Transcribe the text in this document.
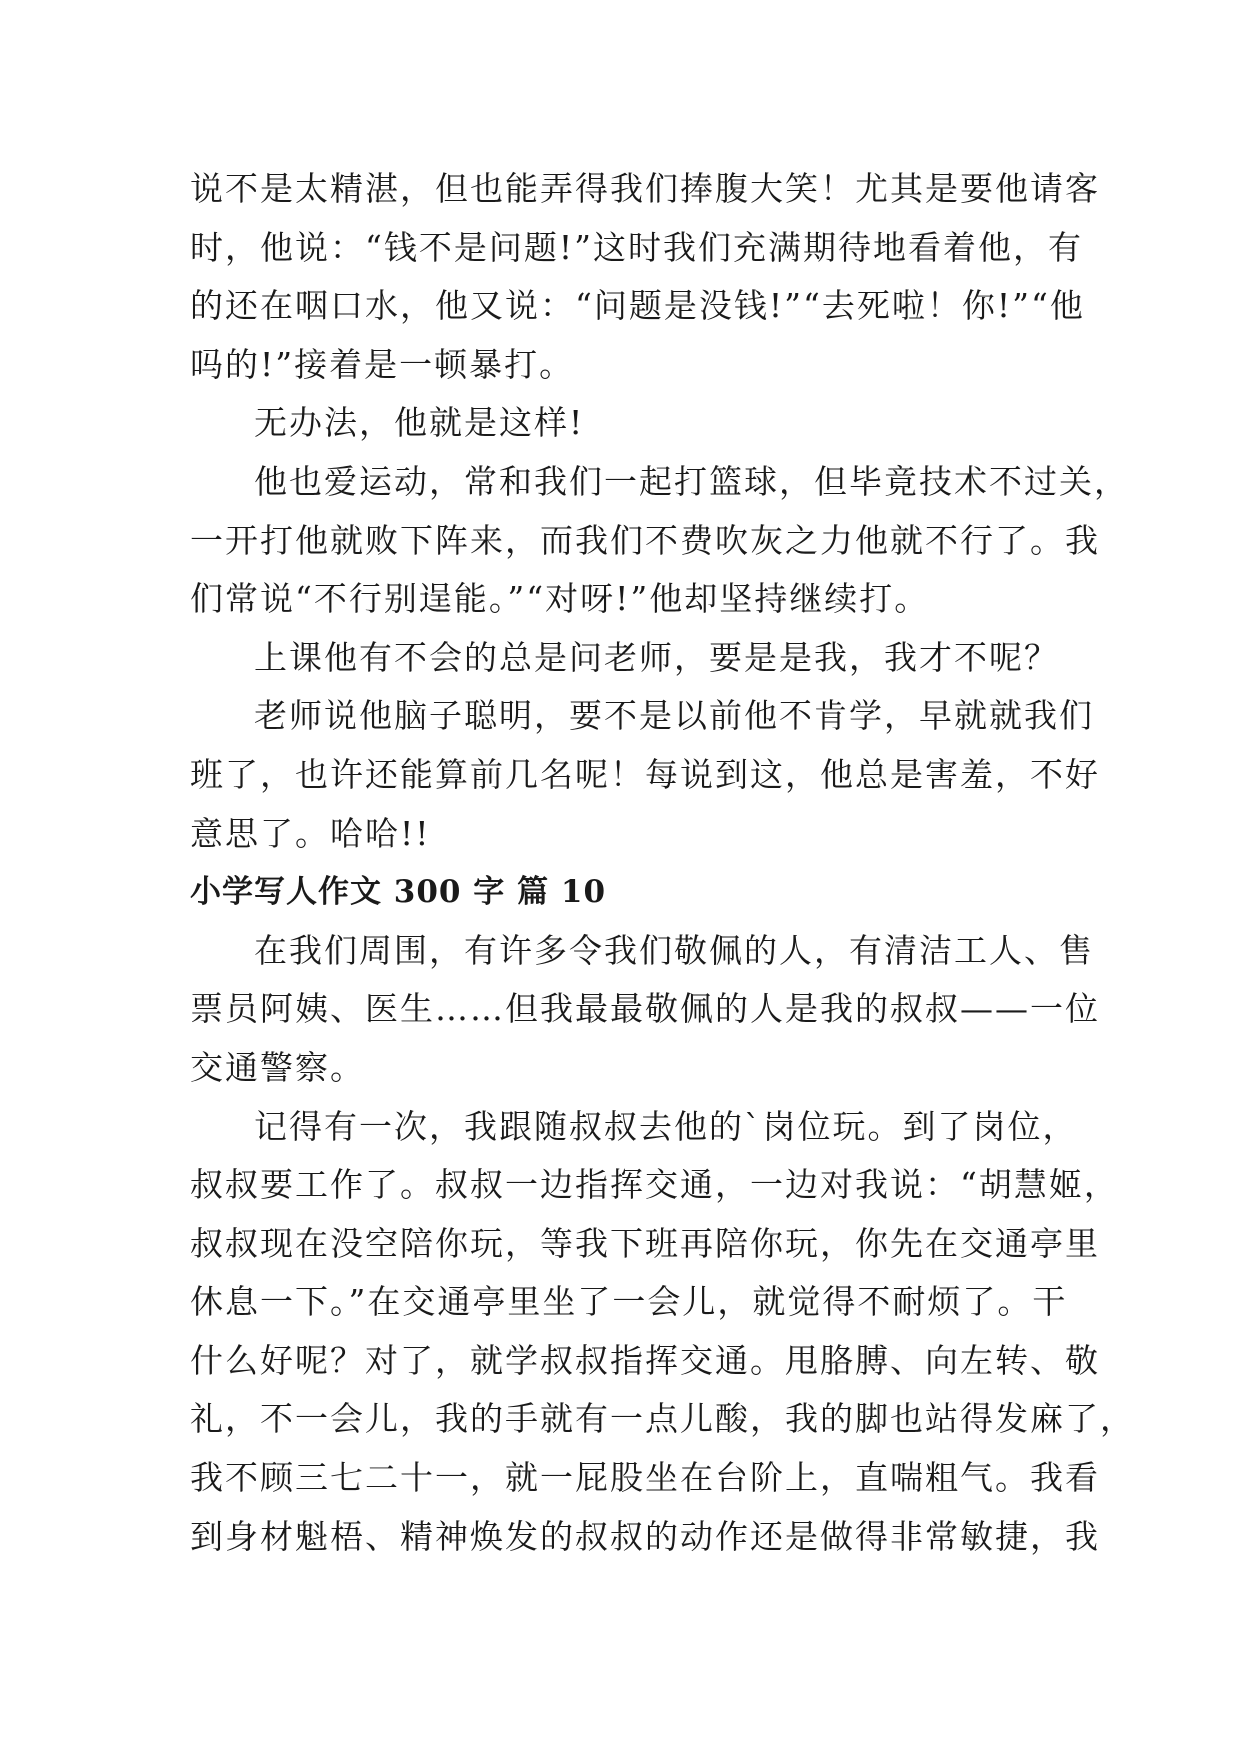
说不是太精湛，但也能弄得我们捧腹大笑！尤其是要他请客
时，他说：“钱不是问题!”这时我们充满期待地看着他，有
的还在咽口水，他又说：“问题是没钱!”“去死啦！你!”“他
吗的!”接着是一顿暴打。
无办法，他就是这样!
他也爱运动，常和我们一起打篮球，但毕竟技术不过关，
一开打他就败下阵来，而我们不费吹灰之力他就不行了。我
们常说“不行别逞能。”“对呀!”他却坚持继续打。
上课他有不会的总是问老师，要是是我，我才不呢？
老师说他脑子聪明，要不是以前他不肯学，早就就我们
班了，也许还能算前几名呢！每说到这，他总是害羞，不好
意思了。哈哈!!
小学写人作文 300 字 篇 10
在我们周围，有许多令我们敬佩的人，有清洁工人、售
票员阿姨、医生……但我最最敬佩的人是我的叔叔——一位
交通警察。
记得有一次，我跟随叔叔去他的`岗位玩。到了岗位，
叔叔要工作了。叔叔一边指挥交通，一边对我说：“胡慧姬，
叔叔现在没空陪你玩，等我下班再陪你玩，你先在交通亭里
休息一下。”在交通亭里坐了一会儿，就觉得不耐烦了。干
什么好呢？对了，就学叔叔指挥交通。甩胳膊、向左转、敬
礼，不一会儿，我的手就有一点儿酸，我的脚也站得发麻了，
我不顾三七二十一，就一屁股坐在台阶上，直喘粗气。我看
到身材魁梧、精神焕发的叔叔的动作还是做得非常敏捷，我
